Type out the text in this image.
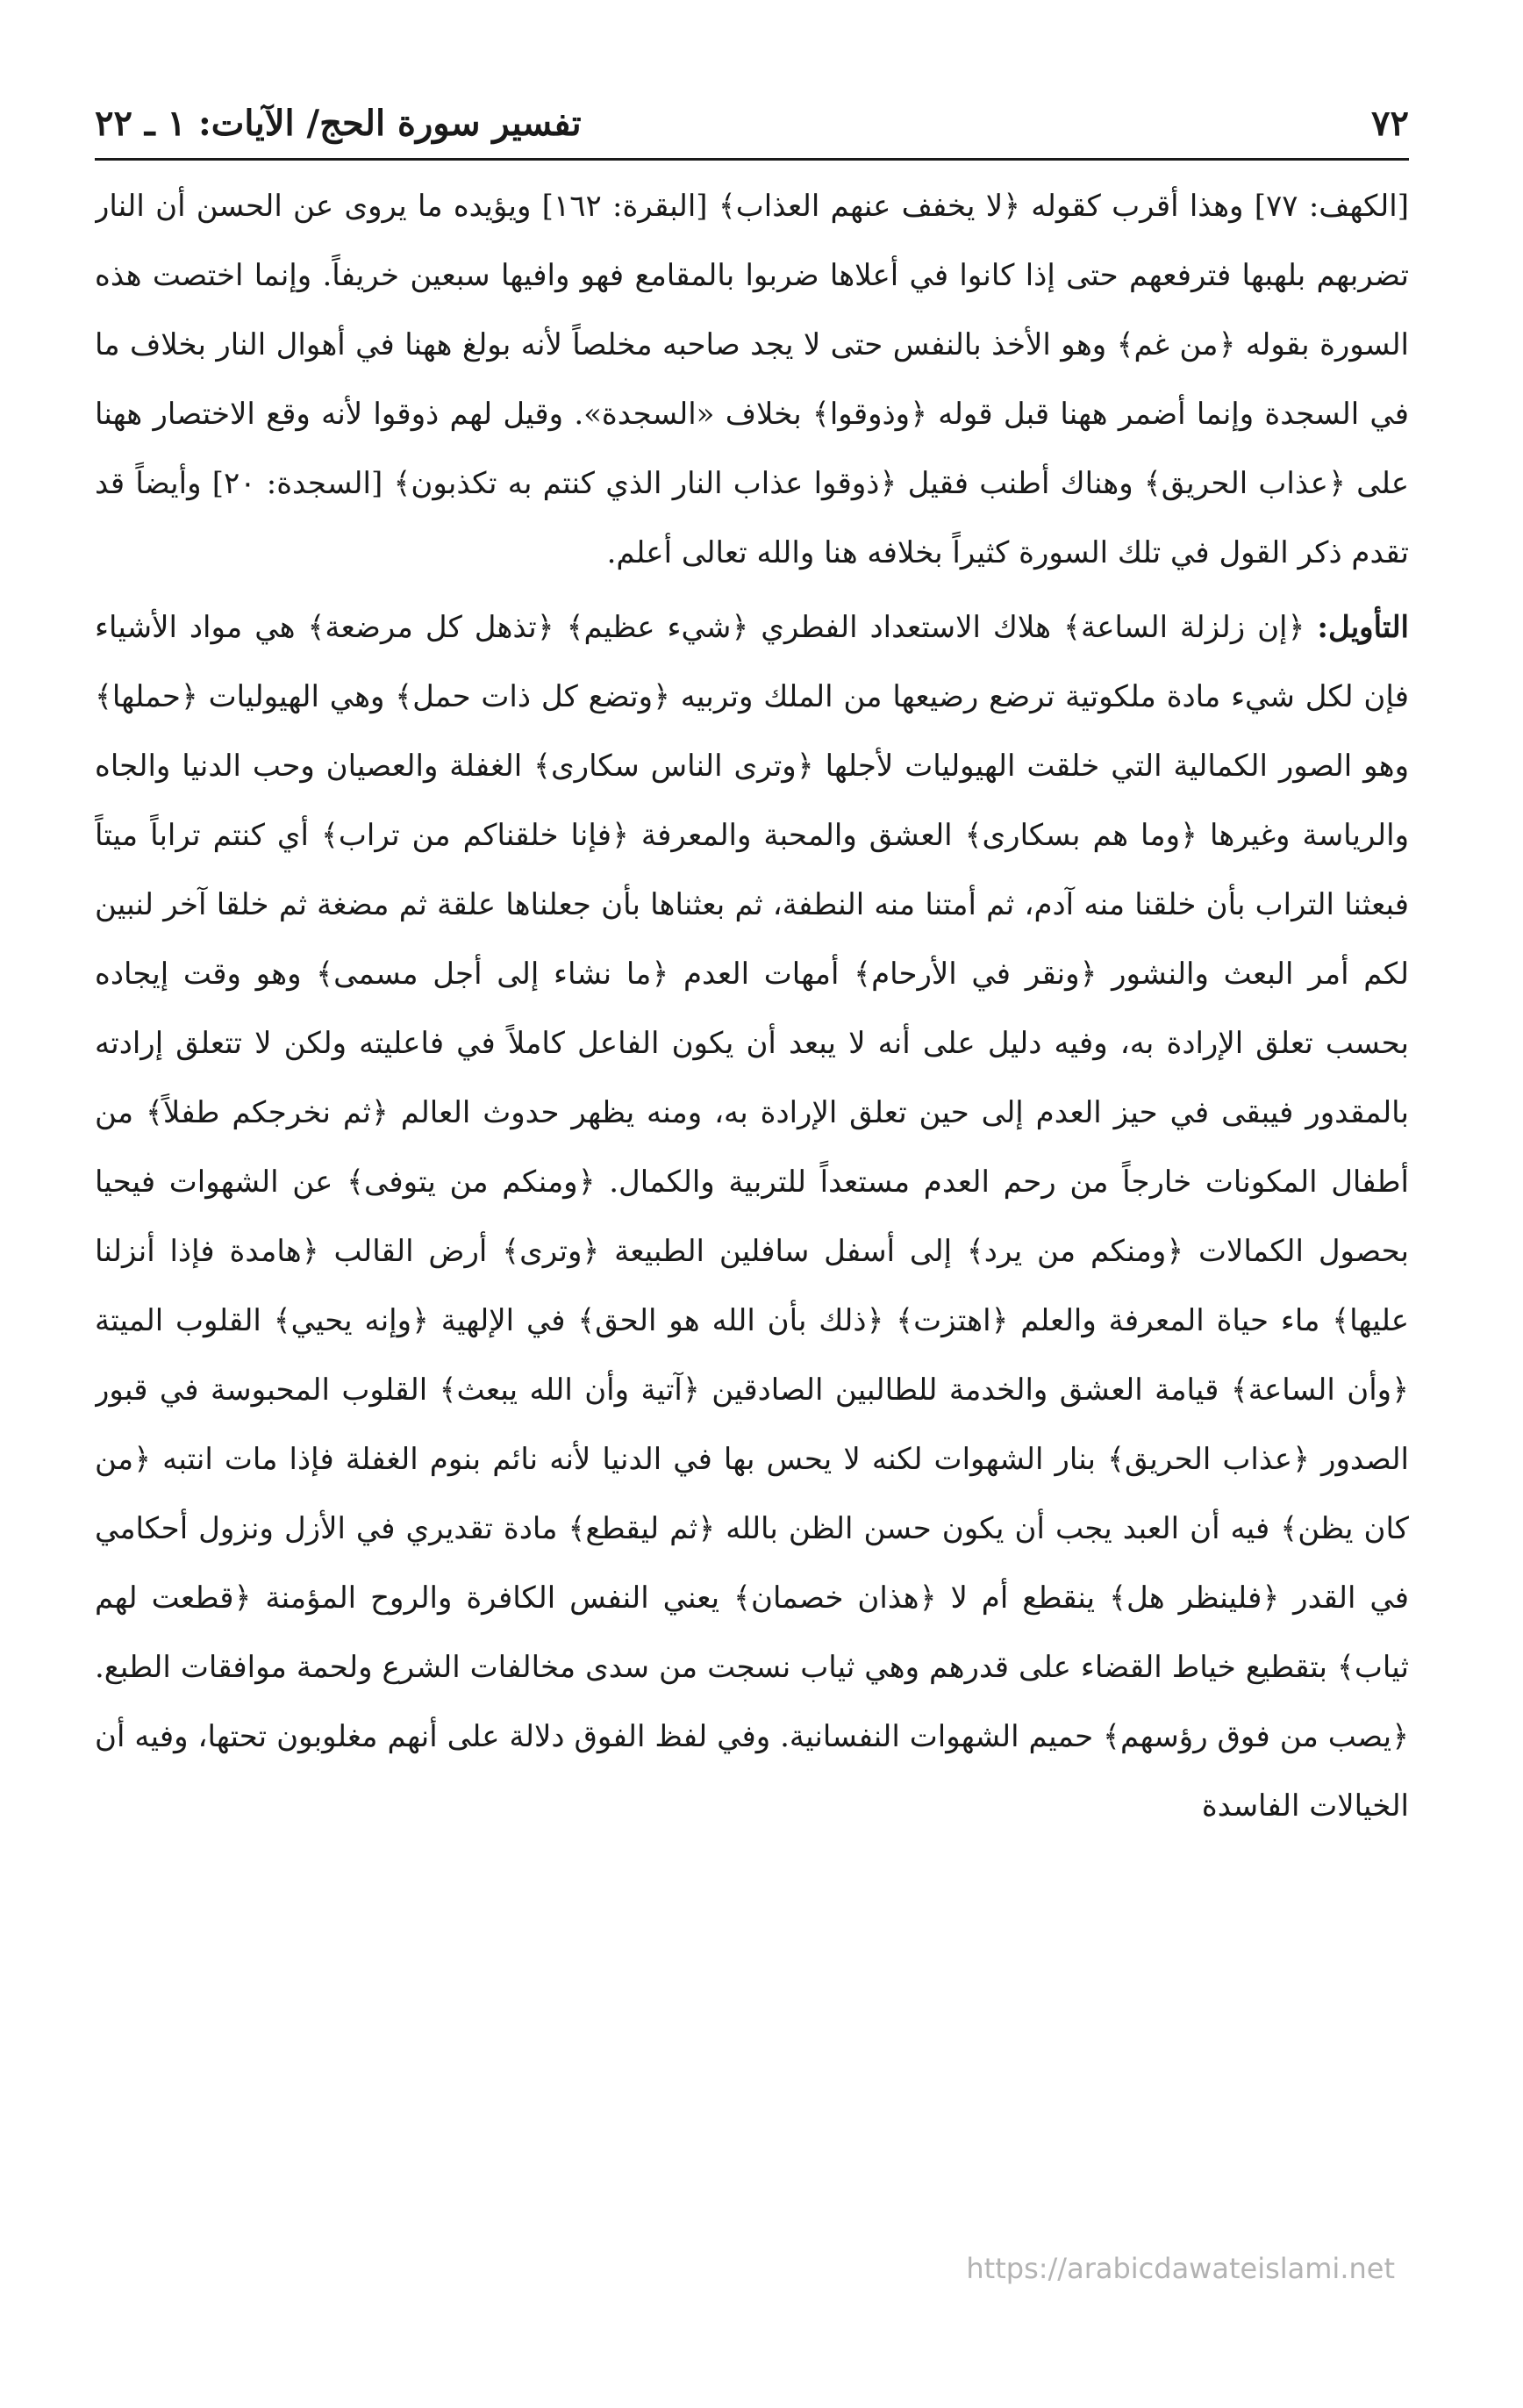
٧٢
تفسير سورة الحج/ الآيات: ١ ـ ٢٢

[الكهف: ٧٧] وهذا أقرب كقوله ﴿لا يخفف عنهم العذاب﴾ [البقرة: ١٦٢] ويؤيده ما يروى عن الحسن أن النار تضربهم بلهبها فترفعهم حتى إذا كانوا في أعلاها ضربوا بالمقامع فهو وافيها سبعين خريفاً. وإنما اختصت هذه السورة بقوله ﴿من غم﴾ وهو الأخذ بالنفس حتى لا يجد صاحبه مخلصاً لأنه بولغ ههنا في أهوال النار بخلاف ما في السجدة وإنما أضمر ههنا قبل قوله ﴿وذوقوا﴾ بخلاف «السجدة». وقيل لهم ذوقوا لأنه وقع الاختصار ههنا على ﴿عذاب الحريق﴾ وهناك أطنب فقيل ﴿ذوقوا عذاب النار الذي كنتم به تكذبون﴾ [السجدة: ٢٠] وأيضاً قد تقدم ذكر القول في تلك السورة كثيراً بخلافه هنا والله تعالى أعلم.

التأويل: ﴿إن زلزلة الساعة﴾ هلاك الاستعداد الفطري ﴿شيء عظيم﴾ ﴿تذهل كل مرضعة﴾ هي مواد الأشياء فإن لكل شيء مادة ملكوتية ترضع رضيعها من الملك وتربيه ﴿وتضع كل ذات حمل﴾ وهي الهيوليات ﴿حملها﴾ وهو الصور الكمالية التي خلقت الهيوليات لأجلها ﴿وترى الناس سكارى﴾ الغفلة والعصيان وحب الدنيا والجاه والرياسة وغيرها ﴿وما هم بسكارى﴾ العشق والمحبة والمعرفة ﴿فإنا خلقناكم من تراب﴾ أي كنتم تراباً ميتاً فبعثنا التراب بأن خلقنا منه آدم، ثم أمتنا منه النطفة، ثم بعثناها بأن جعلناها علقة ثم مضغة ثم خلقا آخر لنبين لكم أمر البعث والنشور ﴿ونقر في الأرحام﴾ أمهات العدم ﴿ما نشاء إلى أجل مسمى﴾ وهو وقت إيجاده بحسب تعلق الإرادة به، وفيه دليل على أنه لا يبعد أن يكون الفاعل كاملاً في فاعليته ولكن لا تتعلق إرادته بالمقدور فيبقى في حيز العدم إلى حين تعلق الإرادة به، ومنه يظهر حدوث العالم ﴿ثم نخرجكم طفلاً﴾ من أطفال المكونات خارجاً من رحم العدم مستعداً للتربية والكمال. ﴿ومنكم من يتوفى﴾ عن الشهوات فيحيا بحصول الكمالات ﴿ومنكم من يرد﴾ إلى أسفل سافلين الطبيعة ﴿وترى﴾ أرض القالب ﴿هامدة فإذا أنزلنا عليها﴾ ماء حياة المعرفة والعلم ﴿اهتزت﴾ ﴿ذلك بأن الله هو الحق﴾ في الإلهية ﴿وإنه يحيي﴾ القلوب الميتة ﴿وأن الساعة﴾ قيامة العشق والخدمة للطالبين الصادقين ﴿آتية وأن الله يبعث﴾ القلوب المحبوسة في قبور الصدور ﴿عذاب الحريق﴾ بنار الشهوات لكنه لا يحس بها في الدنيا لأنه نائم بنوم الغفلة فإذا مات انتبه ﴿من كان يظن﴾ فيه أن العبد يجب أن يكون حسن الظن بالله ﴿ثم ليقطع﴾ مادة تقديري في الأزل ونزول أحكامي في القدر ﴿فلينظر هل﴾ ينقطع أم لا ﴿هذان خصمان﴾ يعني النفس الكافرة والروح المؤمنة ﴿قطعت لهم ثياب﴾ بتقطيع خياط القضاء على قدرهم وهي ثياب نسجت من سدى مخالفات الشرع ولحمة موافقات الطبع. ﴿يصب من فوق رؤسهم﴾ حميم الشهوات النفسانية. وفي لفظ الفوق دلالة على أنهم مغلوبون تحتها، وفيه أن الخيالات الفاسدة

https://arabicdawateislami.net
